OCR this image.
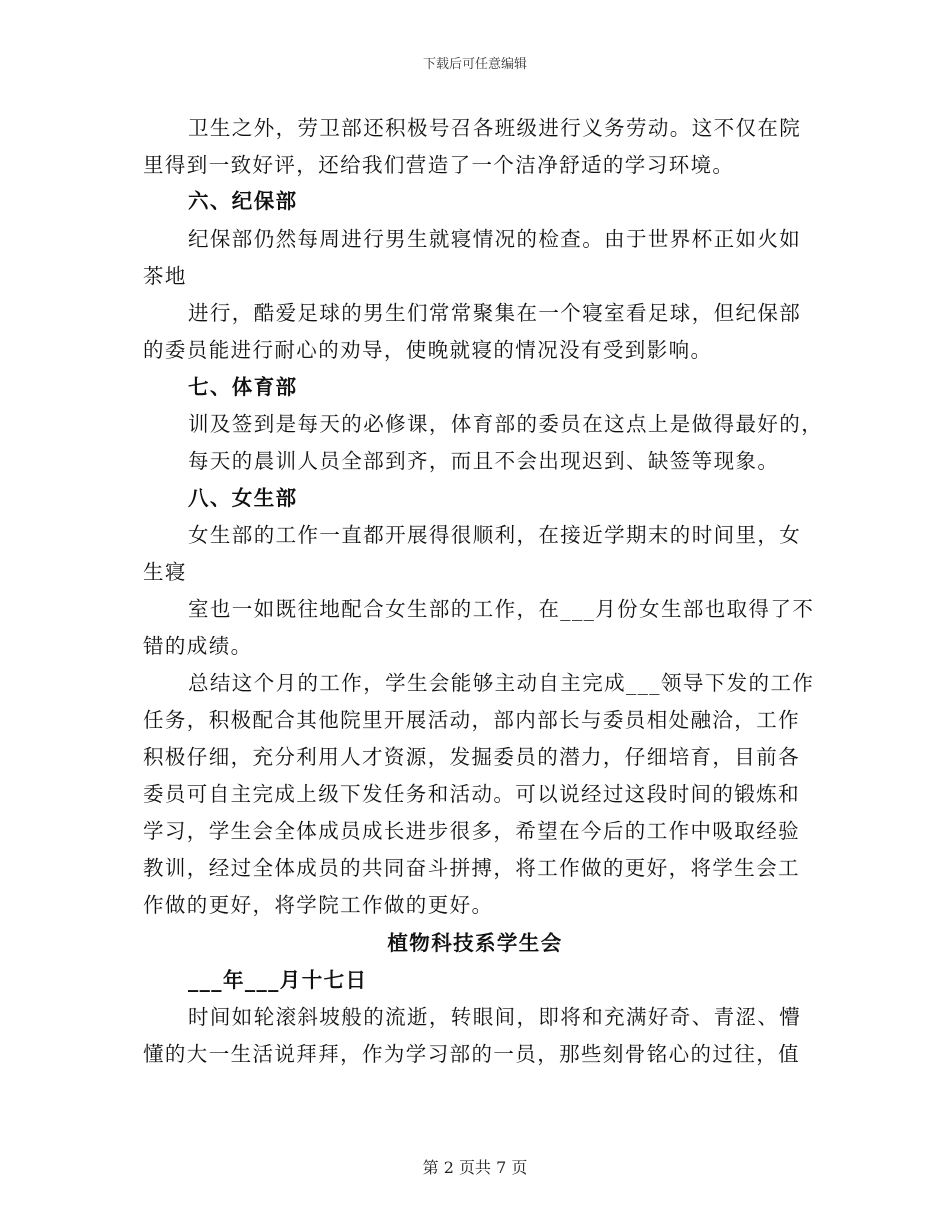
下载后可任意编辑
卫生之外，劳卫部还积极号召各班级进行义务劳动。这不仅在院
里得到一致好评，还给我们营造了一个洁净舒适的学习环境。
六、纪保部
纪保部仍然每周进行男生就寝情况的检查。由于世界杯正如火如
茶地
进行，酷爱足球的男生们常常聚集在一个寝室看足球，但纪保部
的委员能进行耐心的劝导，使晚就寝的情况没有受到影响。
七、体育部
训及签到是每天的必修课，体育部的委员在这点上是做得最好的，
每天的晨训人员全部到齐，而且不会出现迟到、缺签等现象。
八、女生部
女生部的工作一直都开展得很顺利，在接近学期末的时间里，女
生寝
室也一如既往地配合女生部的工作，在___月份女生部也取得了不
错的成绩。
总结这个月的工作，学生会能够主动自主完成___领导下发的工作
任务，积极配合其他院里开展活动，部内部长与委员相处融洽，工作
积极仔细，充分利用人才资源，发掘委员的潜力，仔细培育，目前各
委员可自主完成上级下发任务和活动。可以说经过这段时间的锻炼和
学习，学生会全体成员成长进步很多，希望在今后的工作中吸取经验
教训，经过全体成员的共同奋斗拼搏，将工作做的更好，将学生会工
作做的更好，将学院工作做的更好。
植物科技系学生会
___年___月十七日
时间如轮滚斜坡般的流逝，转眼间，即将和充满好奇、青涩、懵
懂的大一生活说拜拜，作为学习部的一员，那些刻骨铭心的过往，值
第 2 页共 7 页
